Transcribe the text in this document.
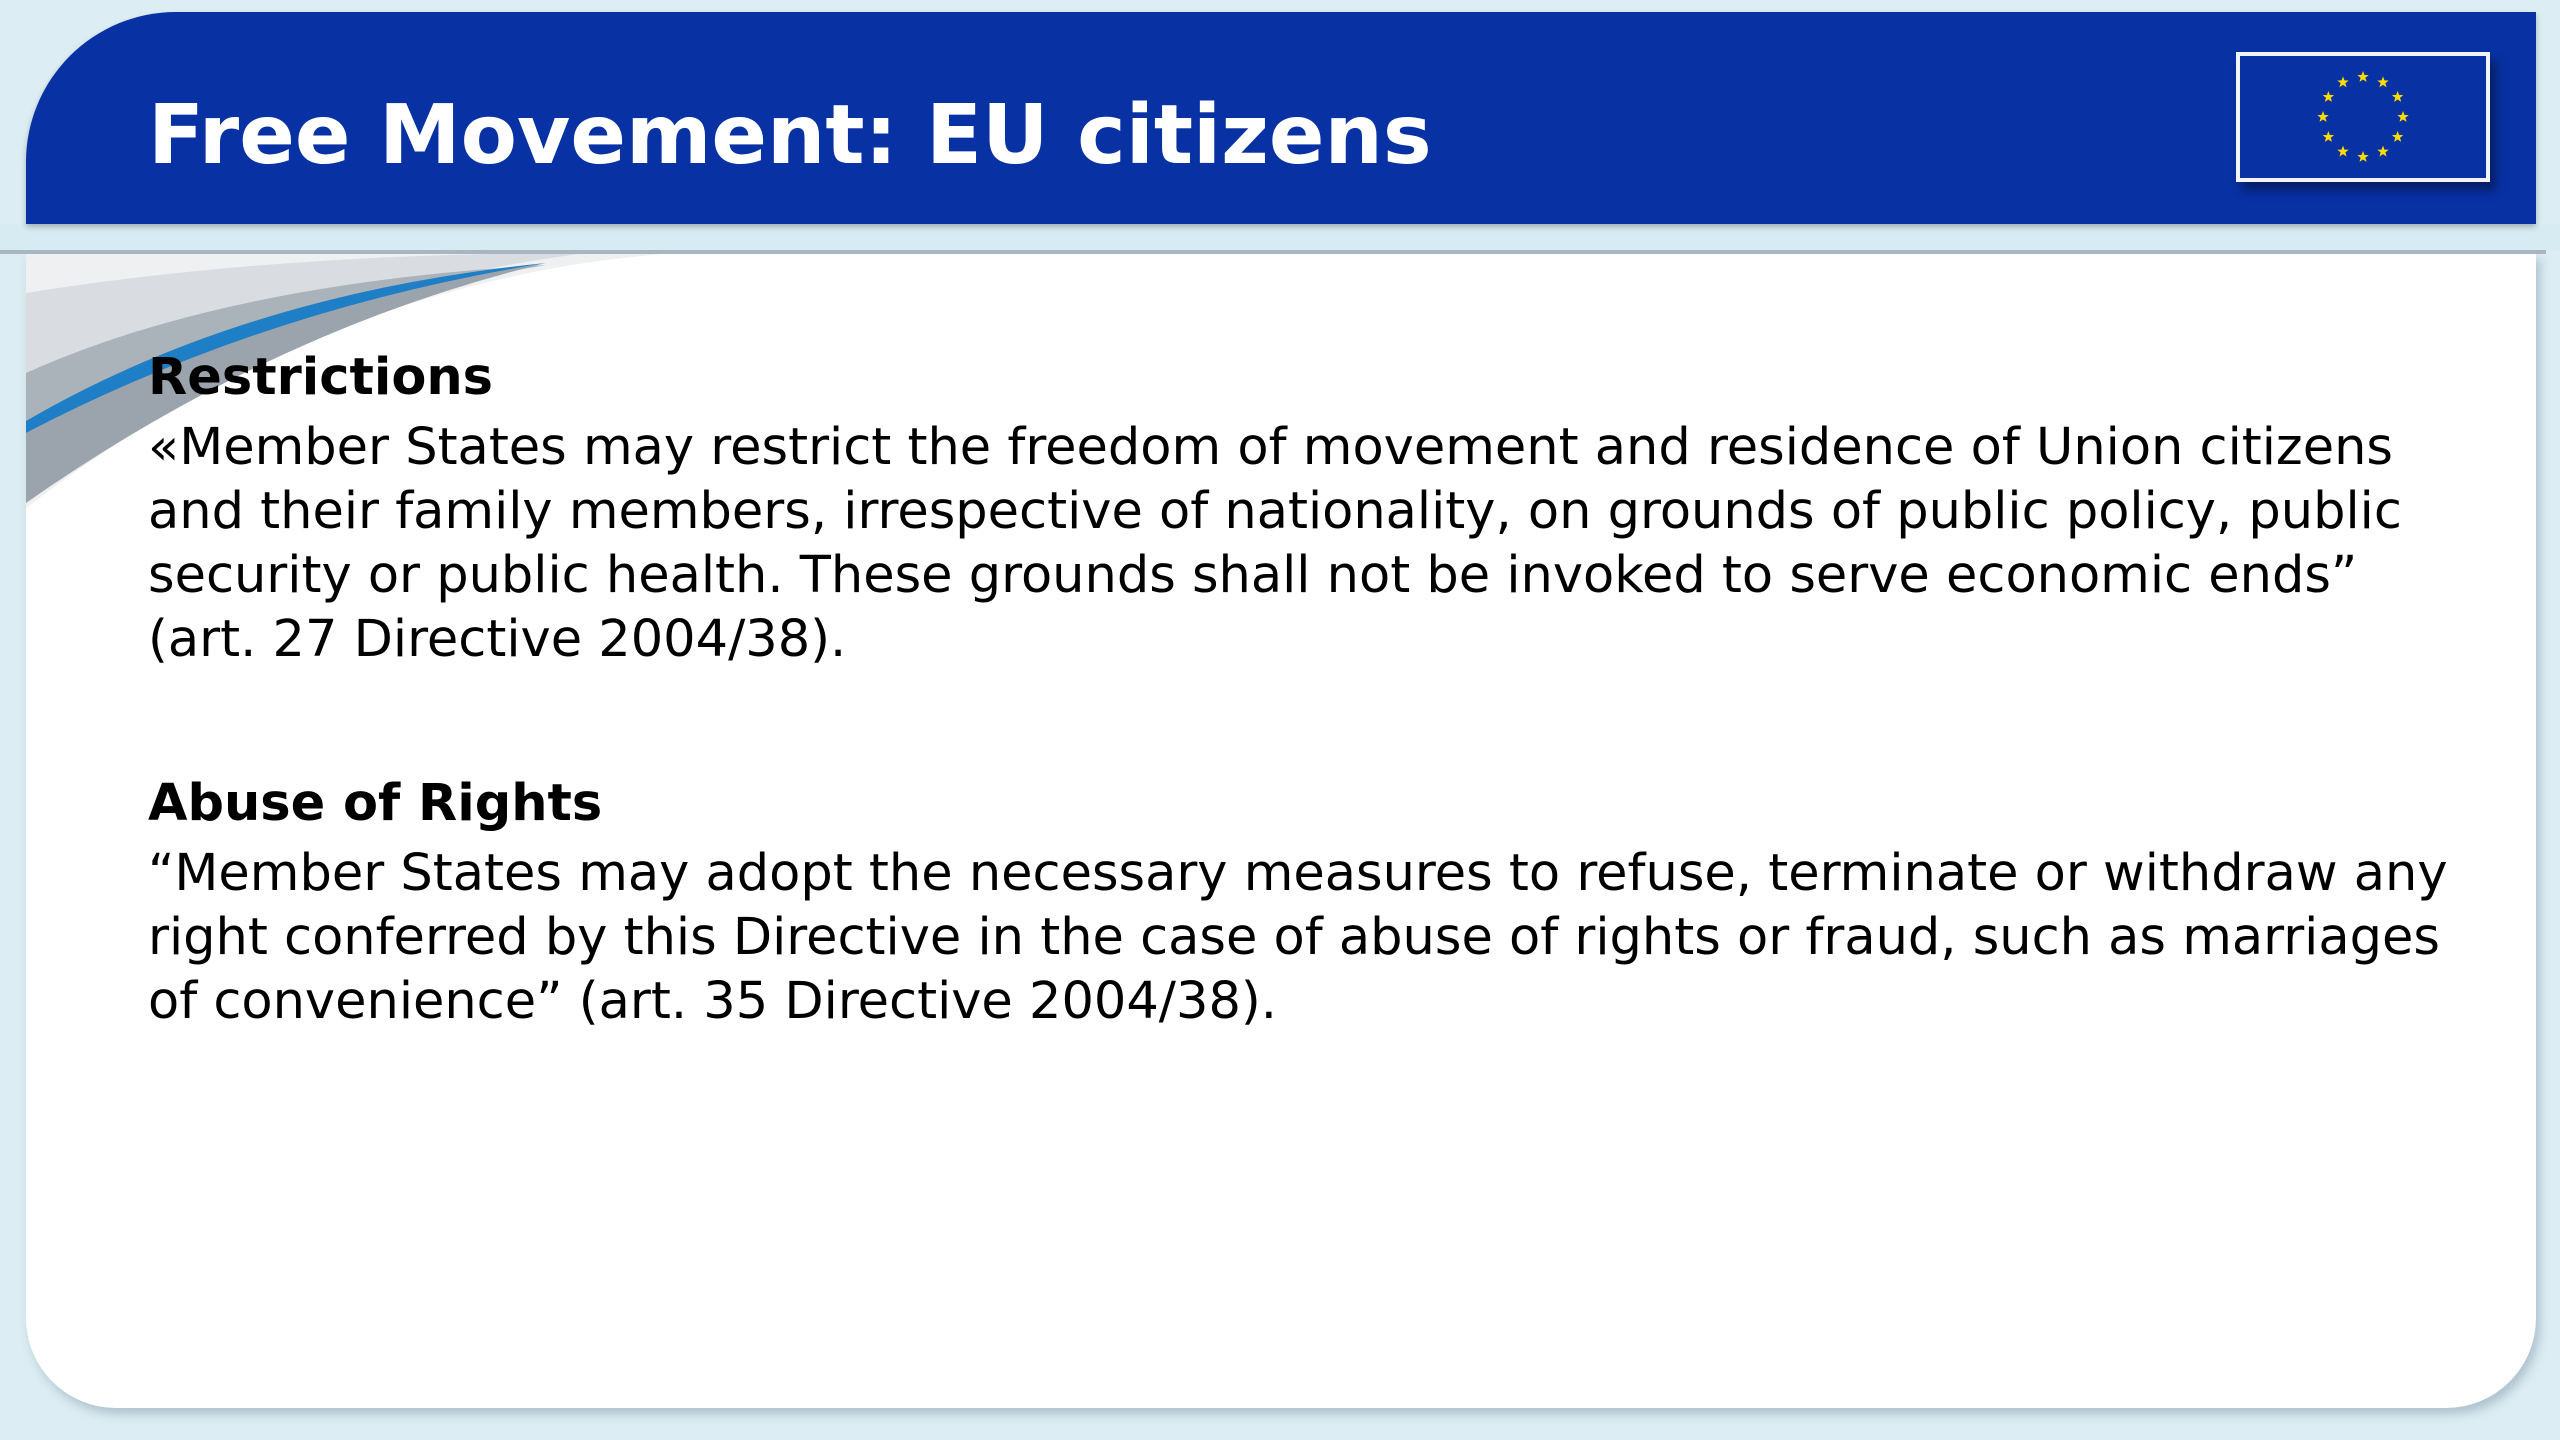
Free Movement: EU citizens

Restrictions

«Member States may restrict the freedom of movement and residence of Union citizens and their family members, irrespective of nationality, on grounds of public policy, public security or public health. These grounds shall not be invoked to serve economic ends” (art. 27 Directive 2004/38).

Abuse of Rights

“Member States may adopt the necessary measures to refuse, terminate or withdraw any right conferred by this Directive in the case of abuse of rights or fraud, such as marriages of convenience” (art. 35 Directive 2004/38).
